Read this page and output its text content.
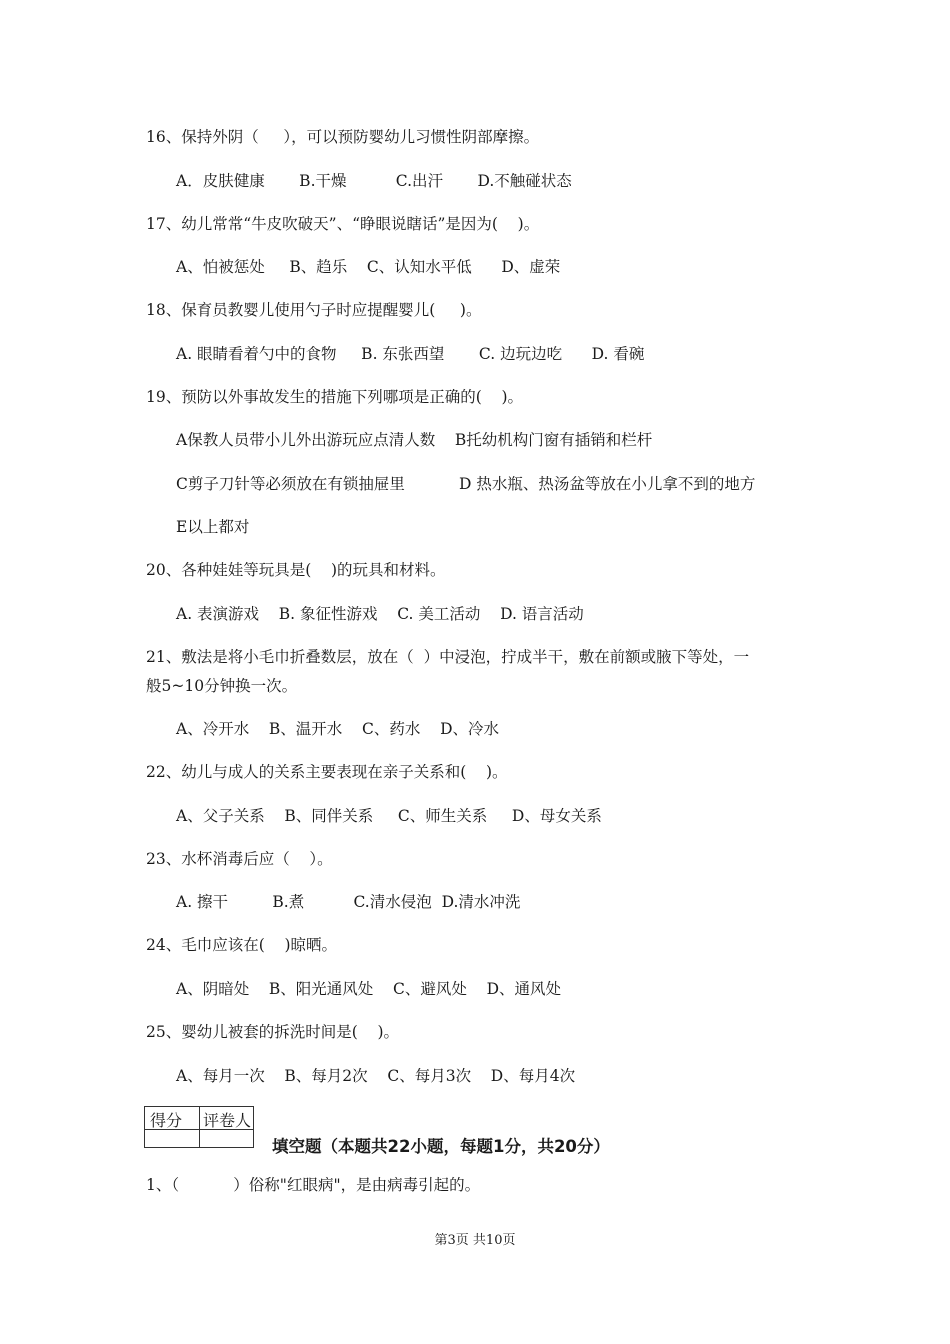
16、保持外阴（     ），可以预防婴幼儿习惯性阴部摩擦。
A．皮肤健康       B.干燥          C.出汗       D.不触碰状态
17、幼儿常常“牛皮吹破天”、“睁眼说瞎话”是因为(    )。
A、怕被惩处     B、趋乐    C、认知水平低      D、虚荣
18、保育员教婴儿使用勺子时应提醒婴儿(     )。
A. 眼睛看着勺中的食物     B. 东张西望       C. 边玩边吃      D. 看碗
19、预防以外事故发生的措施下列哪项是正确的(    )。
A保教人员带小儿外出游玩应点清人数    B托幼机构门窗有插销和栏杆
C剪子刀针等必须放在有锁抽屉里           D 热水瓶、热汤盆等放在小儿拿不到的地方
E以上都对
20、各种娃娃等玩具是(    )的玩具和材料。
A. 表演游戏    B. 象征性游戏    C. 美工活动    D. 语言活动
21、敷法是将小毛巾折叠数层，放在（  ）中浸泡，拧成半干，敷在前额或腋下等处，一
般5~10分钟换一次。
A、冷开水    B、温开水    C、药水    D、冷水
22、幼儿与成人的关系主要表现在亲子关系和(    )。
A、父子关系    B、同伴关系     C、师生关系     D、母女关系
23、水杯消毒后应（    ）。
A. 擦干         B.煮          C.清水侵泡  D.清水冲洗
24、毛巾应该在(    )晾晒。
A、阴暗处    B、阳光通风处    C、避风处    D、通风处
25、婴幼儿被套的拆洗时间是(    )。
A、每月一次    B、每月2次    C、每月3次    D、每月4次
得分 评卷人
填空题（本题共22小题，每题1分，共20分）
1、（           ）俗称"红眼病"，是由病毒引起的。
第3页 共10页
